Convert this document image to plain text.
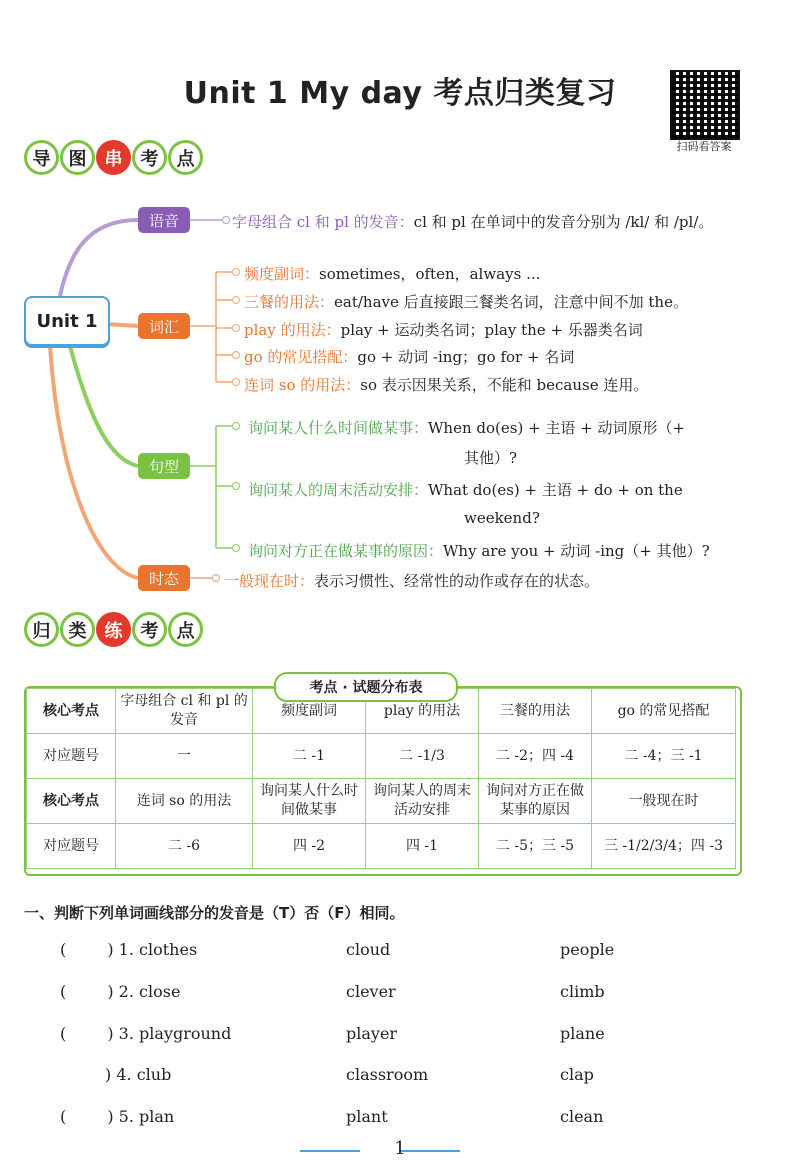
Unit 1 My day 考点归类复习
扫码看答案
导	图	串	考	点
Unit 1
语音
词汇
句型
时态
字母组合 cl 和 pl 的发音：cl 和 pl 在单词中的发音分别为 /kl/ 和 /pl/。
频度副词：sometimes，often，always ...
三餐的用法：eat/have 后直接跟三餐类名词，注意中间不加 the。
play 的用法：play + 运动类名词；play the + 乐器类名词
go 的常见搭配：go + 动词 -ing；go for + 名词
连词 so 的用法：so 表示因果关系，不能和 because 连用。
询问某人什么时间做某事：When do(es) + 主语 + 动词原形（+
其他）?
询问某人的周末活动安排：What do(es) + 主语 + do + on the
weekend?
询问对方正在做某事的原因：Why are you + 动词 -ing（+ 其他）?
一般现在时：表示习惯性、经常性的动作或存在的状态。
归	类	练	考	点
核心考点	字母组合 cl 和 pl 的发音	频度副词	play 的用法	三餐的用法	go 的常见搭配
对应题号	一	二 -1	二 -1/3	二 -2；四 -4	二 -4；三 -1
核心考点	连词 so 的用法	询问某人什么时间做某事	询问某人的周末活动安排	询问对方正在做某事的原因	一般现在时
对应题号	二 -6	四 -2	四 -1	二 -5；三 -5	三 -1/2/3/4；四 -3
考点 · 试题分布表
一、判断下列单词画线部分的发音是（T）否（F）相同。
(	) 1. clothes	cloud	people
(	) 2. close	clever	climb
(	) 3. playground	player	plane
) 4. club	classroom	clap
(	) 5. plan	plant	clean
1
